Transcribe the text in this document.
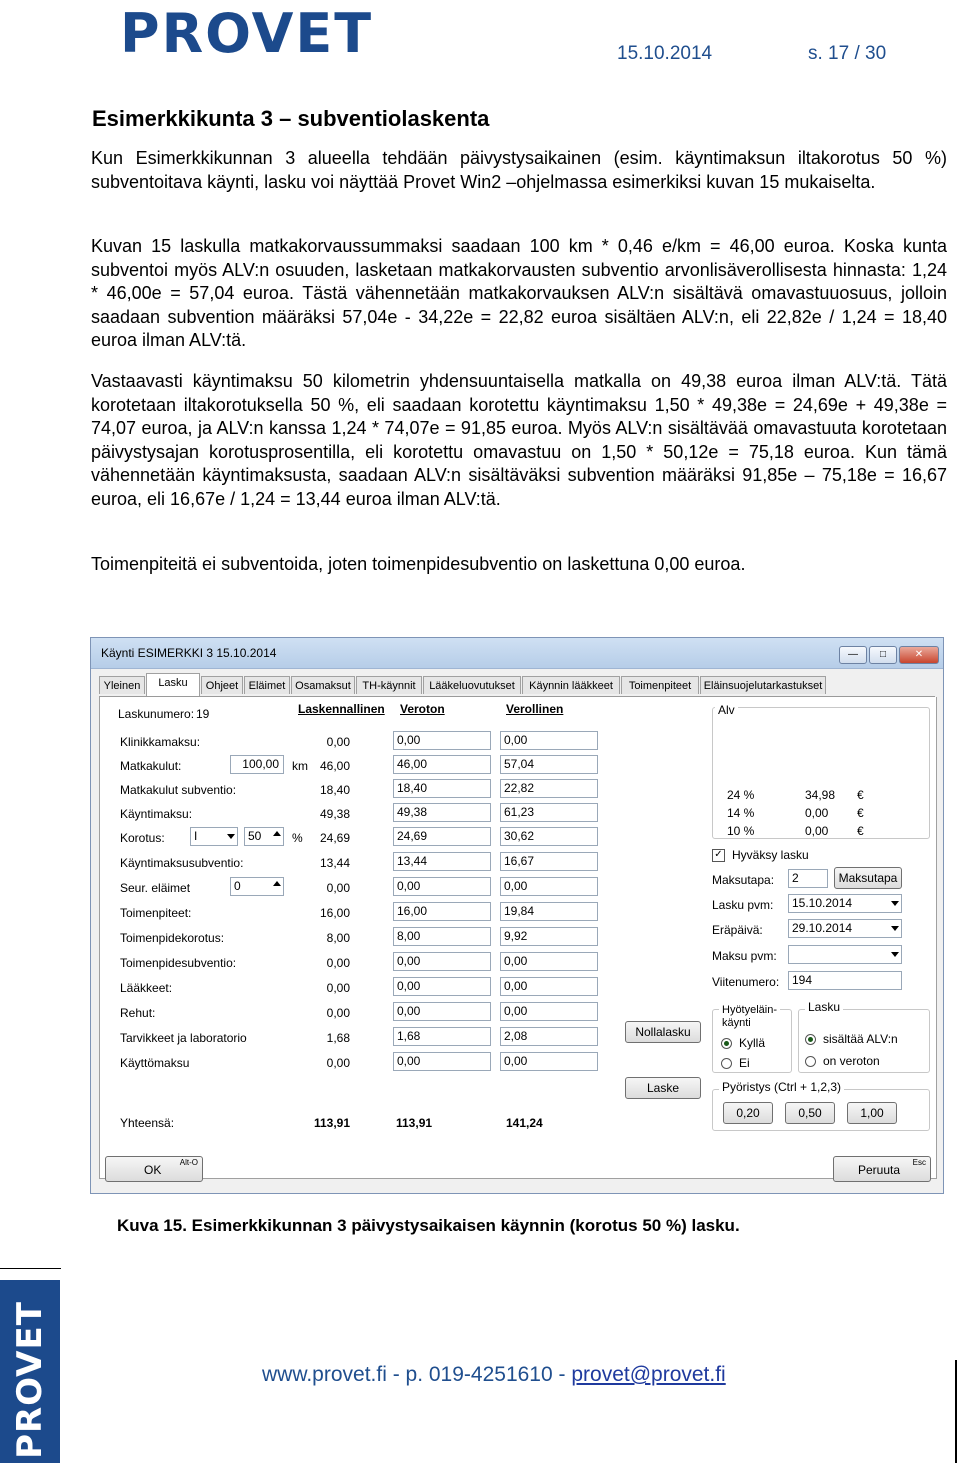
PROVET	15.10.2014	s. 17 / 30
Esimerkkikunta 3 – subventiolaskenta

Kun Esimerkkikunnan 3 alueella tehdään päivystysaikainen (esim. käyntimaksun iltakorotus 50 %) subventoitava käynti, lasku voi näyttää Provet Win2 –ohjelmassa esimerkiksi kuvan 15 mukaiselta.

Kuvan 15 laskulla matkakorvaussummaksi saadaan 100 km * 0,46 e/km = 46,00 euroa. Koska kunta subventoi myös ALV:n osuuden, lasketaan matkakorvausten subventio arvonlisäverollisesta hinnasta: 1,24 * 46,00e = 57,04 euroa. Tästä vähennetään matkakorvauksen ALV:n sisältävä omavastuuosuus, jolloin saadaan subvention määräksi 57,04e - 34,22e = 22,82 euroa sisältäen ALV:n, eli 22,82e / 1,24 = 18,40 euroa ilman ALV:tä.

Vastaavasti käyntimaksu 50 kilometrin yhdensuuntaisella matkalla on 49,38 euroa ilman ALV:tä. Tätä korotetaan iltakorotuksella 50 %, eli saadaan korotettu käyntimaksu 1,50 * 49,38e = 24,69e + 49,38e = 74,07 euroa, ja ALV:n kanssa 1,24 * 74,07e = 91,85 euroa. Myös ALV:n sisältävää omavastuuta korotetaan päivystysajan korotusprosentilla, eli korotettu omavastuu on 1,50 * 50,12e = 75,18 euroa. Kun tämä vähennetään käyntimaksusta, saadaan ALV:n sisältäväksi subvention määräksi 91,85e – 75,18e = 16,67 euroa, eli 16,67e / 1,24 = 13,44 euroa ilman ALV:tä.

Toimenpiteitä ei subventoida, joten toimenpidesubventio on laskettuna 0,00 euroa.

Käynti ESIMERKKI 3 15.10.2014	—	□	✕
Yleinen	Lasku	Ohjeet Eläimet Osamaksut	TH-käynnit	Lääkeluovutukset	Käynnin lääkkeet	Toimenpiteet	Eläinsuojelutarkastukset
Laskunumero: 19	Laskennallinen Veroton	Verollinen
Klinikkamaksu:	0,00	0,00	0,00
Matkakulut:	100,00	km 46,00	46,00	57,04
Matkakulut subventio:	18,40	18,40	22,82
Käyntimaksu:	49,38	49,38	61,23
Korotus:	I	50	% 24,69	24,69	30,62
Käyntimaksusubventio:	13,44	13,44	16,67
Seur. eläimet	0	0,00	0,00	0,00
Toimenpiteet:	16,00	16,00	19,84
Toimenpidekorotus:	8,00	8,00	9,92
Toimenpidesubventio:	0,00	0,00	0,00
Lääkkeet:	0,00	0,00	0,00
Rehut:	0,00	0,00	0,00
Tarvikkeet ja laboratorio	1,68	1,68	2,08
Käyttömaksu	0,00	0,00	0,00
Yhteensä:	113,91	113,91	141,24
Nollalasku
Laske
Alv
24 %	34,98 €
14 %	0,00 €
10 %	0,00 €
✓ Hyväksy lasku
Maksutapa:	2	Maksutapa
Lasku pvm:	15.10.2014
Eräpäivä:	29.10.2014
Maksu pvm:
Viitenumero:	194
Hyötyeläin-
käynti
Kyllä
Ei
Lasku
sisältää ALV:n
on veroton
Pyöristys (Ctrl + 1,2,3)
0,20	0,50	1,00
OK
Alt-O
Peruuta
Esc
Kuva 15. Esimerkkikunnan 3 päivystysaikaisen käynnin (korotus 50 %) lasku.
PROVET	www.provet.fi - p. 019-4251610 - provet@provet.fi
